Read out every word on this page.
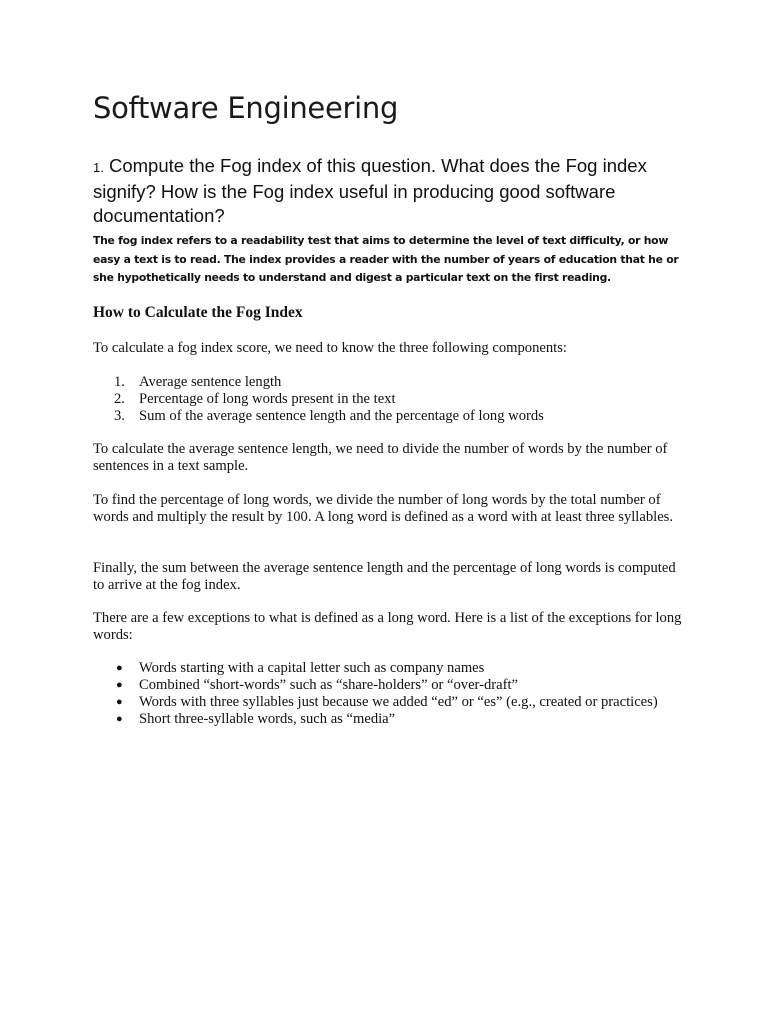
Software Engineering

1. Compute the Fog index of this question. What does the Fog index signify? How is the Fog index useful in producing good software documentation?

The fog index refers to a readability test that aims to determine the level of text difficulty, or how easy a text is to read. The index provides a reader with the number of years of education that he or she hypothetically needs to understand and digest a particular text on the first reading.

How to Calculate the Fog Index

To calculate a fog index score, we need to know the three following components:

1. Average sentence length
2. Percentage of long words present in the text
3. Sum of the average sentence length and the percentage of long words

To calculate the average sentence length, we need to divide the number of words by the number of sentences in a text sample.

To find the percentage of long words, we divide the number of long words by the total number of words and multiply the result by 100. A long word is defined as a word with at least three syllables.

Finally, the sum between the average sentence length and the percentage of long words is computed to arrive at the fog index.

There are a few exceptions to what is defined as a long word. Here is a list of the exceptions for long words:

● Words starting with a capital letter such as company names
● Combined “short-words” such as “share-holders” or “over-draft”
● Words with three syllables just because we added “ed” or “es” (e.g., created or practices)
● Short three-syllable words, such as “media”
